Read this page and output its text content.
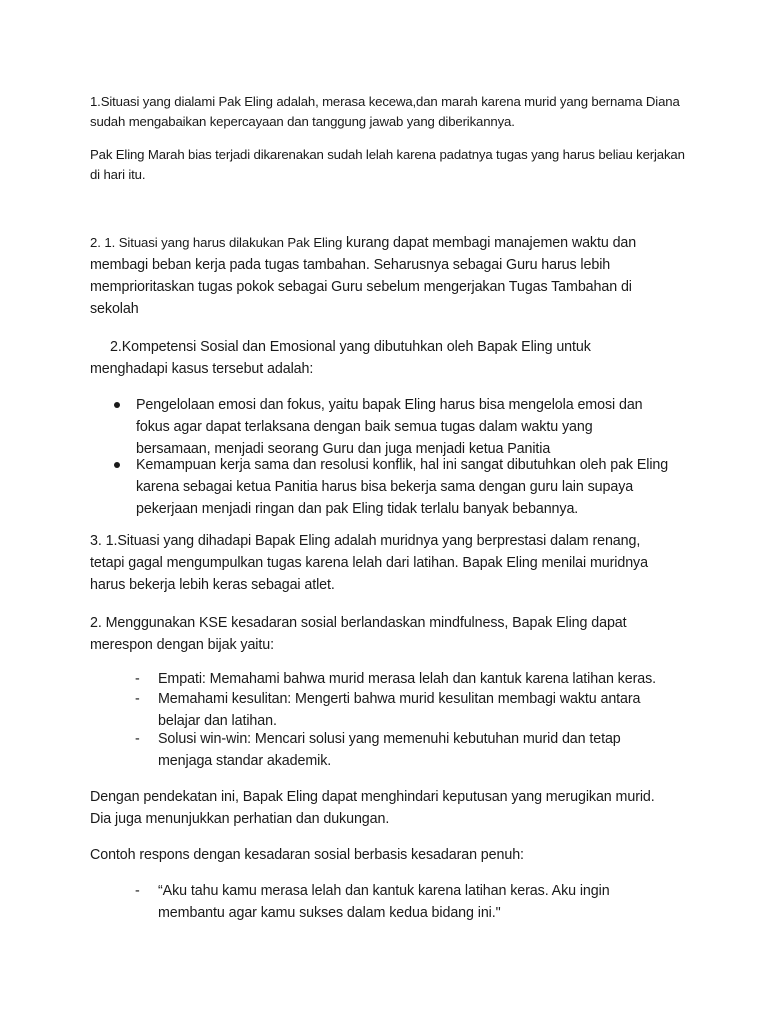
1.Situasi yang dialami Pak Eling adalah, merasa kecewa,dan marah karena murid yang bernama Diana
sudah mengabaikan kepercayaan dan tanggung jawab yang diberikannya.

Pak Eling Marah bias terjadi dikarenakan sudah lelah karena padatnya tugas yang harus beliau kerjakan
di hari itu.

2. 1. Situasi yang harus dilakukan Pak Eling kurang dapat membagi manajemen waktu dan
membagi beban kerja pada tugas tambahan. Seharusnya sebagai Guru harus lebih
memprioritaskan tugas pokok sebagai Guru sebelum mengerjakan Tugas Tambahan di
sekolah

2.Kompetensi Sosial dan Emosional yang dibutuhkan oleh Bapak Eling untuk

menghadapi kasus tersebut adalah:

Pengelolaan emosi dan fokus, yaitu bapak Eling harus bisa mengelola emosi dan
fokus agar dapat terlaksana dengan baik semua tugas dalam waktu yang
bersamaan, menjadi seorang Guru dan juga menjadi ketua Panitia

Kemampuan kerja sama dan resolusi konflik, hal ini sangat dibutuhkan oleh pak Eling
karena sebagai ketua Panitia harus bisa bekerja sama dengan guru lain supaya
pekerjaan menjadi ringan dan pak Eling tidak terlalu banyak bebannya.

3. 1.Situasi yang dihadapi Bapak Eling adalah muridnya yang berprestasi dalam renang,
tetapi gagal mengumpulkan tugas karena lelah dari latihan. Bapak Eling menilai muridnya
harus bekerja lebih keras sebagai atlet.

2. Menggunakan KSE kesadaran sosial berlandaskan mindfulness, Bapak Eling dapat
merespon dengan bijak yaitu:

- Empati: Memahami bahwa murid merasa lelah dan kantuk karena latihan keras.

- Memahami kesulitan: Mengerti bahwa murid kesulitan membagi waktu antara
belajar dan latihan.

- Solusi win-win: Mencari solusi yang memenuhi kebutuhan murid dan tetap
menjaga standar akademik.

Dengan pendekatan ini, Bapak Eling dapat menghindari keputusan yang merugikan murid.
Dia juga menunjukkan perhatian dan dukungan.

Contoh respons dengan kesadaran sosial berbasis kesadaran penuh:

- “Aku tahu kamu merasa lelah dan kantuk karena latihan keras. Aku ingin
membantu agar kamu sukses dalam kedua bidang ini."
